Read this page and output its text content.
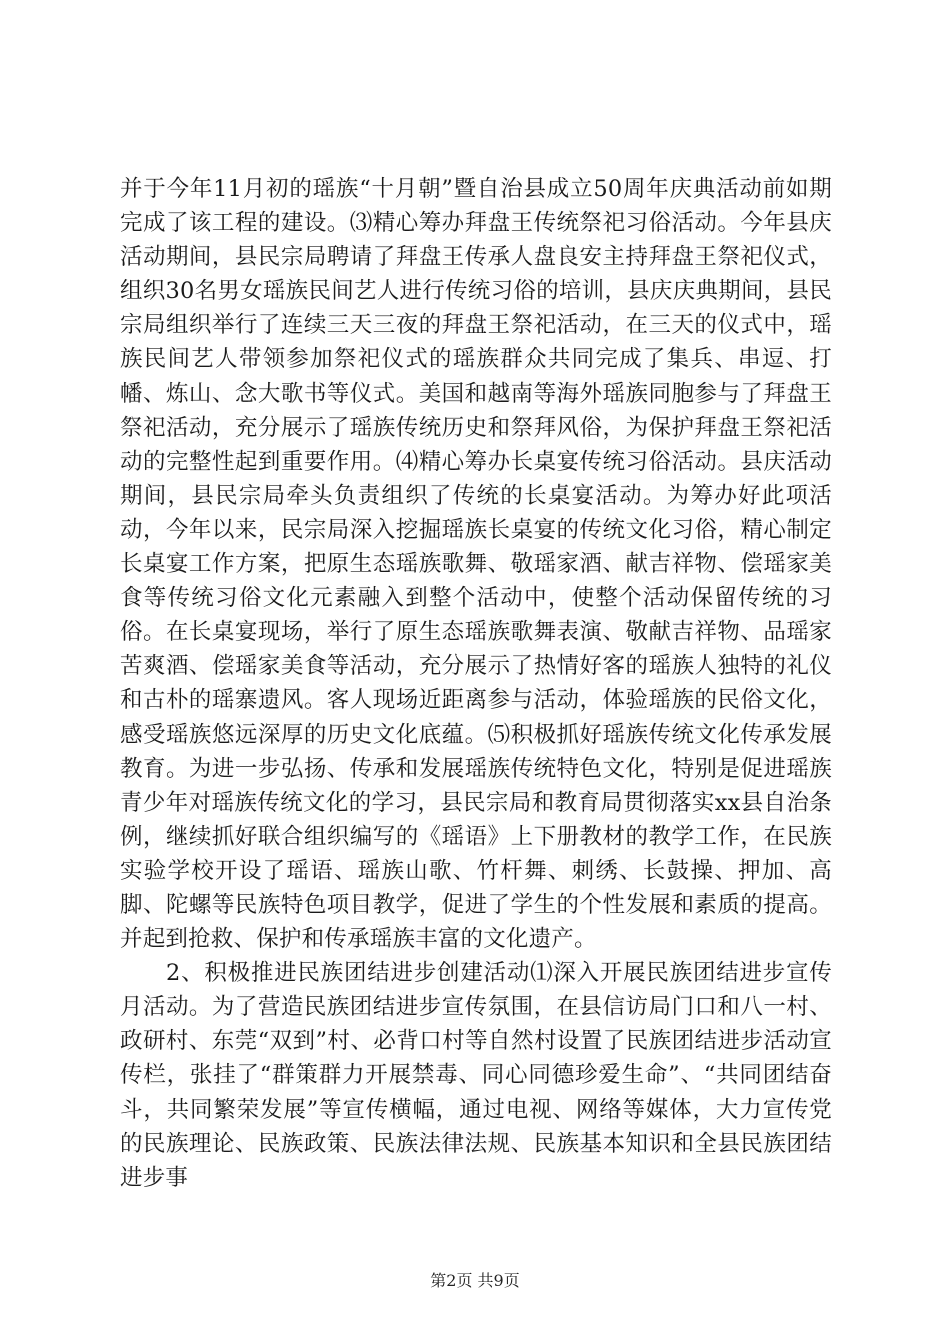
并于今年11月初的瑶族“十月朝”暨自治县成立50周年庆典活动前如期完成了该工程的建设。⑶精心筹办拜盘王传统祭祀习俗活动。今年县庆活动期间，县民宗局聘请了拜盘王传承人盘良安主持拜盘王祭祀仪式，组织30名男女瑶族民间艺人进行传统习俗的培训，县庆庆典期间，县民宗局组织举行了连续三天三夜的拜盘王祭祀活动，在三天的仪式中，瑶族民间艺人带领参加祭祀仪式的瑶族群众共同完成了集兵、串逗、打幡、炼山、念大歌书等仪式。美国和越南等海外瑶族同胞参与了拜盘王祭祀活动，充分展示了瑶族传统历史和祭拜风俗，为保护拜盘王祭祀活动的完整性起到重要作用。⑷精心筹办长桌宴传统习俗活动。县庆活动期间，县民宗局牵头负责组织了传统的长桌宴活动。为筹办好此项活动，今年以来，民宗局深入挖掘瑶族长桌宴的传统文化习俗，精心制定长桌宴工作方案，把原生态瑶族歌舞、敬瑶家酒、献吉祥物、偿瑶家美食等传统习俗文化元素融入到整个活动中，使整个活动保留传统的习俗。在长桌宴现场，举行了原生态瑶族歌舞表演、敬献吉祥物、品瑶家苦爽酒、偿瑶家美食等活动，充分展示了热情好客的瑶族人独特的礼仪和古朴的瑶寨遗风。客人现场近距离参与活动，体验瑶族的民俗文化，感受瑶族悠远深厚的历史文化底蕴。⑸积极抓好瑶族传统文化传承发展教育。为进一步弘扬、传承和发展瑶族传统特色文化，特别是促进瑶族青少年对瑶族传统文化的学习，县民宗局和教育局贯彻落实xx县自治条例，继续抓好联合组织编写的《瑶语》上下册教材的教学工作，在民族实验学校开设了瑶语、瑶族山歌、竹杆舞、刺绣、长鼓操、押加、高脚、陀螺等民族特色项目教学，促进了学生的个性发展和素质的提高。并起到抢救、保护和传承瑶族丰富的文化遗产。

2、积极推进民族团结进步创建活动⑴深入开展民族团结进步宣传月活动。为了营造民族团结进步宣传氛围，在县信访局门口和八一村、政研村、东莞“双到”村、必背口村等自然村设置了民族团结进步活动宣传栏，张挂了“群策群力开展禁毒、同心同德珍爱生命”、“共同团结奋斗，共同繁荣发展”等宣传横幅，通过电视、网络等媒体，大力宣传党的民族理论、民族政策、民族法律法规、民族基本知识和全县民族团结进步事

第2页 共9页
